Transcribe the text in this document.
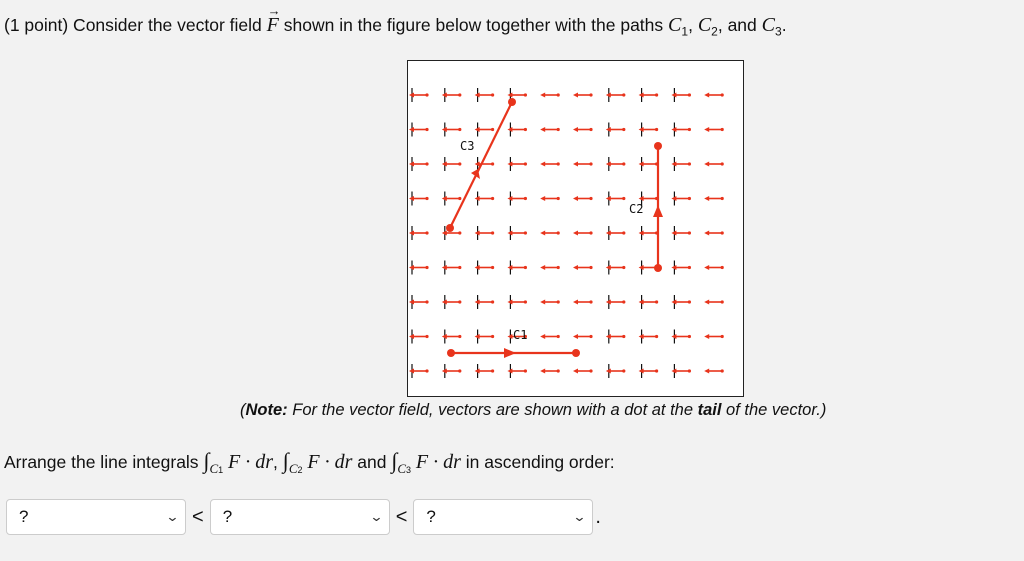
(1 point) Consider the vector field → F shown in the figure below together with the paths $C_1$, $C_2$, and $C_3$.
C3
C2
C1
(Note: For the vector field, vectors are shown with a dot at the tail of the vector.)
Arrange the line integrals $\int_{C1}$ F · dr, $\int_{C2}$ F · dr and $\int_{C3}$ F · dr in ascending order:
?	⌄ < ?	⌄ < ?	⌄ .
